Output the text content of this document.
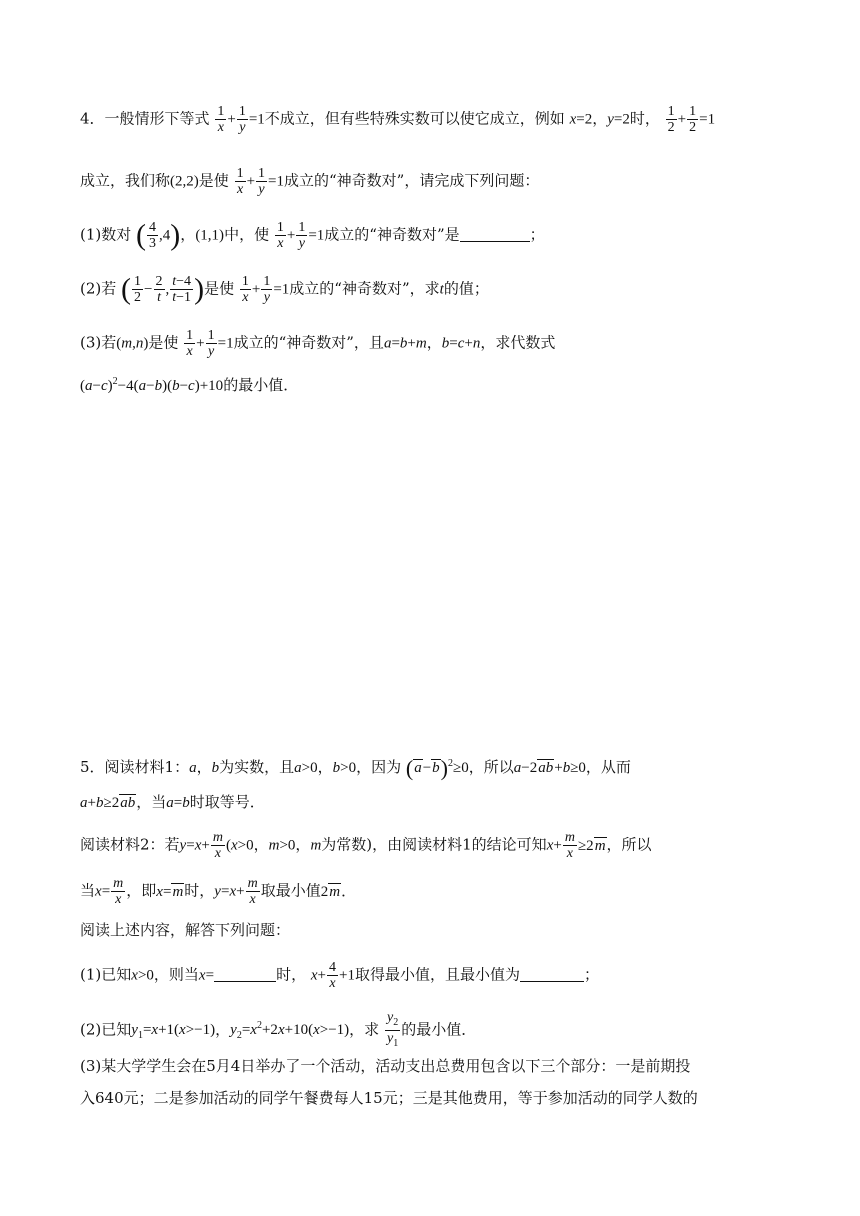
4．一般情形下等式 $\frac{1}{x} + \frac{1}{y} =1$不成立，但有些特殊实数可以使它成立，例如 x=2，y=2时， $\frac{1}{2} + \frac{1}{2} =1$
成立，我们称(2,2)是使 $\frac{1}{x} + \frac{1}{y} =1$成立的“神奇数对”，请完成下列问题：
(1)数对 ( $\frac{4}{3} ,4$)，(1,1)中，使 $\frac{1}{x} + \frac{1}{y} =1$成立的“神奇数对”是	；
(2)若 ( $\frac{1}{2} - \frac{2}{t}$ , $\frac{t-4}{t-1}$ )是使 $\frac{1}{x} + \frac{1}{y} =1$成立的“神奇数对”，求t的值；
(3)若(m,n)是使 $\frac{1}{x} + \frac{1}{y} =1$成立的“神奇数对”，且a=b+m，b=c+n，求代数式
$(a-c)^2-4(a-b)(b-c)+10$的最小值．
5．阅读材料1：a，b为实数，且a>0，b>0，因为 $(a-b)^2\ge 0$，所以a−2ab+b≥0，从而
a+b≥2ab，当a=b时取等号．
阅读材料2：若$y=x+ \frac{m}{x} (x>0$，m>0，m为常数)，由阅读材料1的结论可知$x+ \frac{m}{x} \ge 2m$，所以
当$x= \frac{m}{x}$ ，即x=m时，$y=x+ \frac{m}{x}$ 取最小值2m．
阅读上述内容，解答下列问题：
(1)已知x>0，则当x=	时， $x+ \frac{4}{x} +1$取得最小值，且最小值为	；
(2)已知$y_1=x+1(x>-1)$，$y_2=x^2+2x+10(x>-1)$，求 $\frac{y_2}{y_1}$ 的最小值．
(3)某大学学生会在5月4日举办了一个活动，活动支出总费用包含以下三个部分：一是前期投
入640元；二是参加活动的同学午餐费每人15元；三是其他费用，等于参加活动的同学人数的
